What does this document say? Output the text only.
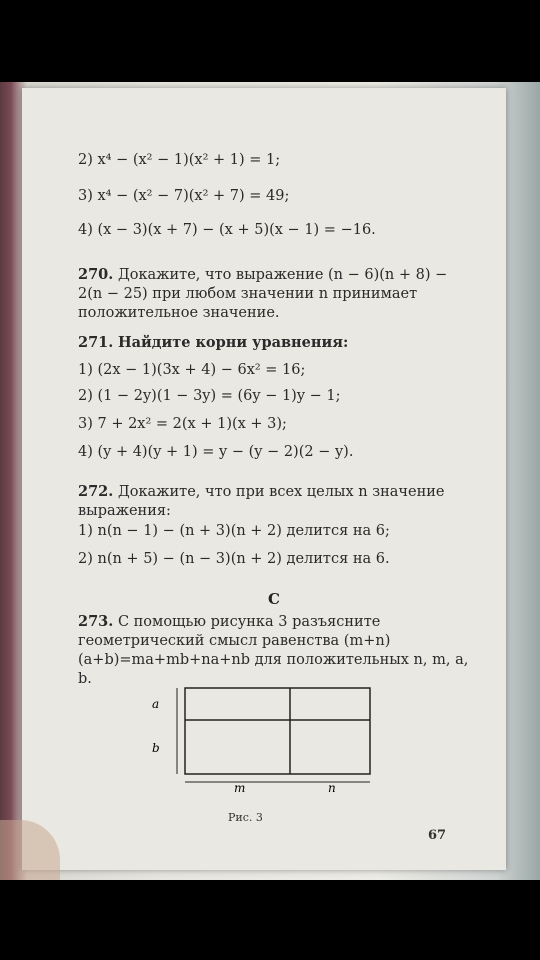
2) x⁴ − (x² − 1)(x² + 1) = 1;
3) x⁴ − (x² − 7)(x² + 7) = 49;
4) (x − 3)(x + 7) − (x + 5)(x − 1) = −16.
270. Докажите, что выражение (n − 6)(n + 8) − 2(n − 25) при любом значении n принимает положительное значение.
271. Найдите корни уравнения:
1) (2x − 1)(3x + 4) − 6x² = 16;
2) (1 − 2y)(1 − 3y) = (6y − 1)y − 1;
3) 7 + 2x² = 2(x + 1)(x + 3);
4) (y + 4)(y + 1) = y − (y − 2)(2 − y).
272. Докажите, что при всех целых n значение выражения:
1) n(n − 1) − (n + 3)(n + 2) делится на 6;
2) n(n + 5) − (n − 3)(n + 2) делится на 6.
C
273. С помощью рисунка 3 разъясните геометрический смысл равенства (m+n)(a+b)=ma+mb+na+nb для положительных n, m, a, b.
a
b
m	n
Рис. 3
67
